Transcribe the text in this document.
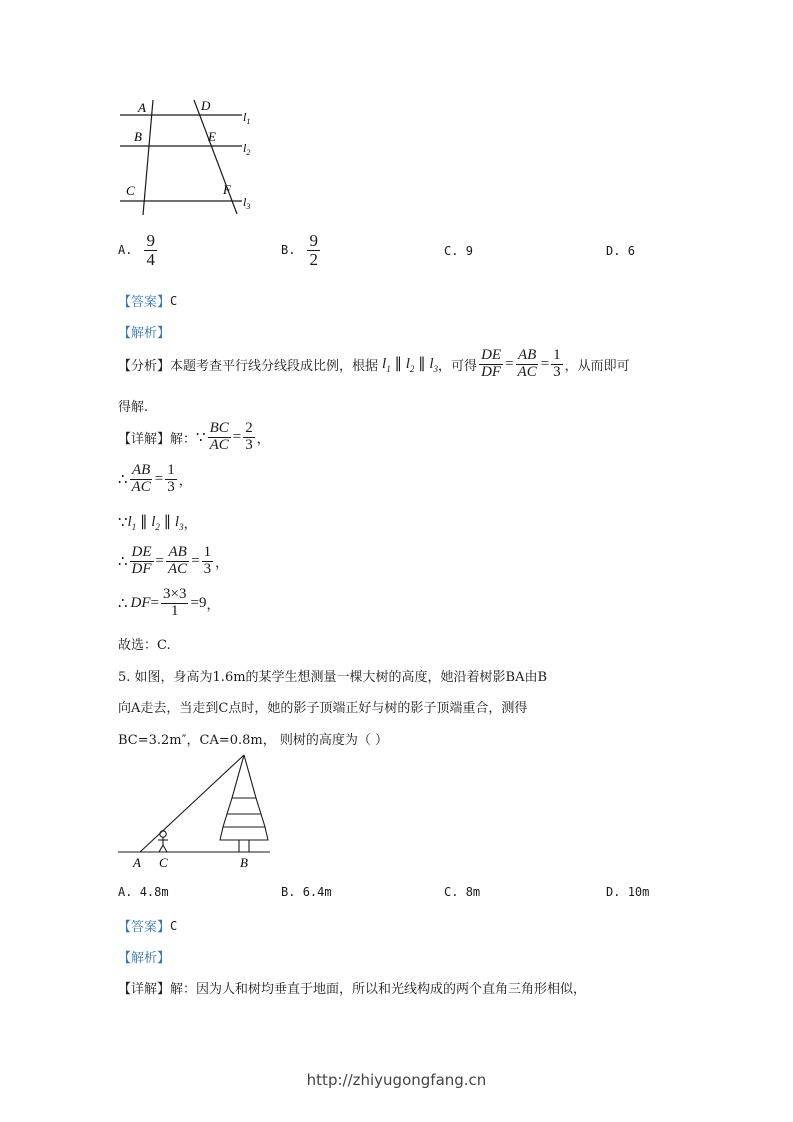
A	D
B	E
C	F
$l_1$
$l_2$
$l_3$
A. $\frac{9}{4}$	B. $\frac{9}{2}$	C.
9	D.
6
【答案】 C
【解析】
【分析】 本题考查平行线分线段成比例，根据 $l_1$ ∥ $l_2$ ∥ $l_3$ ，可得 $\frac{DE}{DF} = \frac{AB}{AC} = \frac{1}{3}$ ，从而即可
得解.
【详解】 解： ∵ $\frac{BC}{AC} = \frac{2}{3}$ ，
∴ $\frac{AB}{AC} = \frac{1}{3}$ ，
∵ $l_1$ ∥ $l_2$ ∥ $l_3$ ，
∴ $\frac{DE}{DF} = \frac{AB}{AC} = \frac{1}{3}$ ，
∴ DF = $\frac{3\times 3}{1} = 9$ ，
故选：C.
5. 如图，身高为1.6m的某学生想测量一棵大树的高度，她沿着树影BA由B
向A走去，当走到C点时，她的影子顶端正好与树的影子顶端重合，测得
BC=3.2m″，CA=0.8m， 则树的高度为（ ）
A C	B
A.
4.8m	B.
6.4m	C.
8m	D.
10m
【答案】 C
【解析】
【详解】 解：因为人和树均垂直于地面，所以和光线构成的两个直角三角形相似，
http://zhiyugongfang.cn
